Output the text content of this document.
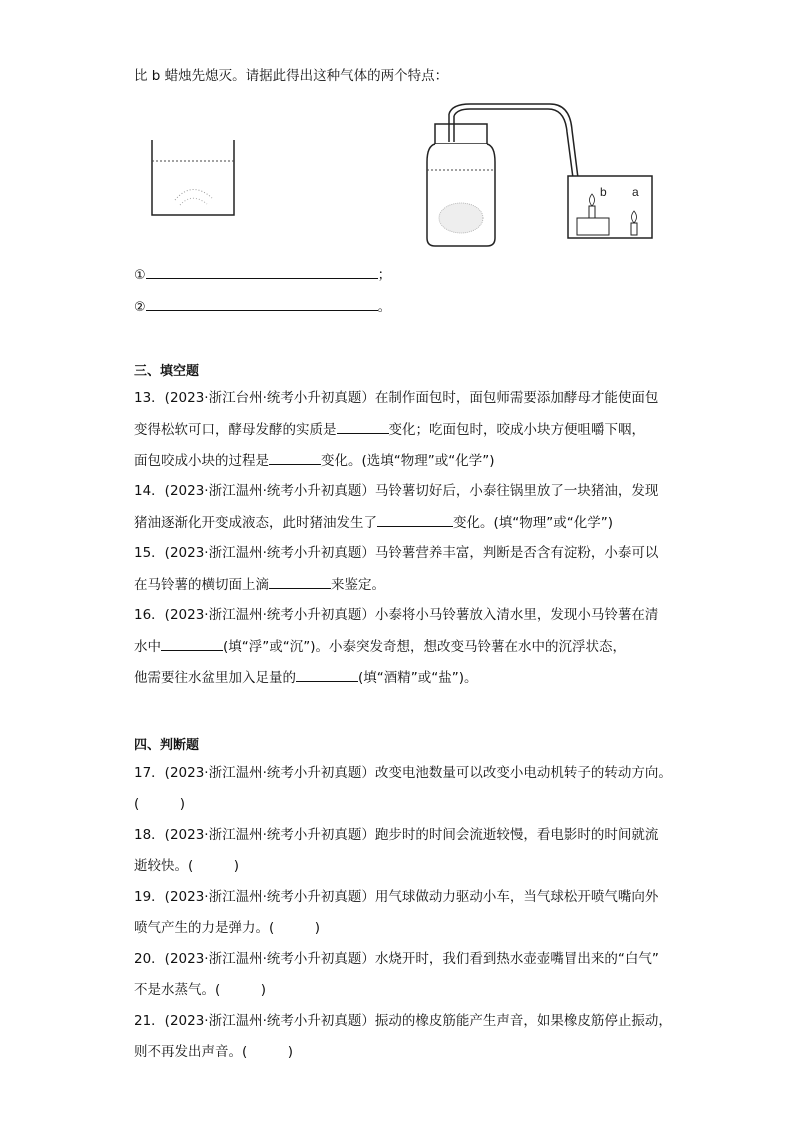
比 b 蜡烛先熄灭。请据此得出这种气体的两个特点：
b a
①	；
②	。
三、填空题
13．(2023·浙江台州·统考小升初真题）在制作面包时，面包师需要添加酵母才能使面包
变得松软可口，酵母发酵的实质是	变化；吃面包时，咬成小块方便咀嚼下咽，
面包咬成小块的过程是	变化。(选填“物理”或“化学”)
14．(2023·浙江温州·统考小升初真题）马铃薯切好后，小泰往锅里放了一块猪油，发现
猪油逐渐化开变成液态，此时猪油发生了	变化。(填“物理”或“化学”)
15．(2023·浙江温州·统考小升初真题）马铃薯营养丰富，判断是否含有淀粉，小泰可以
在马铃薯的横切面上滴	来鉴定。
16．(2023·浙江温州·统考小升初真题）小泰将小马铃薯放入清水里，发现小马铃薯在清
水中	(填“浮”或“沉”)。小泰突发奇想，想改变马铃薯在水中的沉浮状态，
他需要往水盆里加入足量的	(填“酒精”或“盐”)。
四、判断题
17．(2023·浙江温州·统考小升初真题）改变电池数量可以改变小电动机转子的转动方向。
(　　　)
18．(2023·浙江温州·统考小升初真题）跑步时的时间会流逝较慢，看电影时的时间就流
逝较快。(　　　)
19．(2023·浙江温州·统考小升初真题）用气球做动力驱动小车，当气球松开喷气嘴向外
喷气产生的力是弹力。(　　　)
20．(2023·浙江温州·统考小升初真题）水烧开时，我们看到热水壶壶嘴冒出来的“白气”
不是水蒸气。(　　　)
21．(2023·浙江温州·统考小升初真题）振动的橡皮筋能产生声音，如果橡皮筋停止振动，
则不再发出声音。(　　　)
